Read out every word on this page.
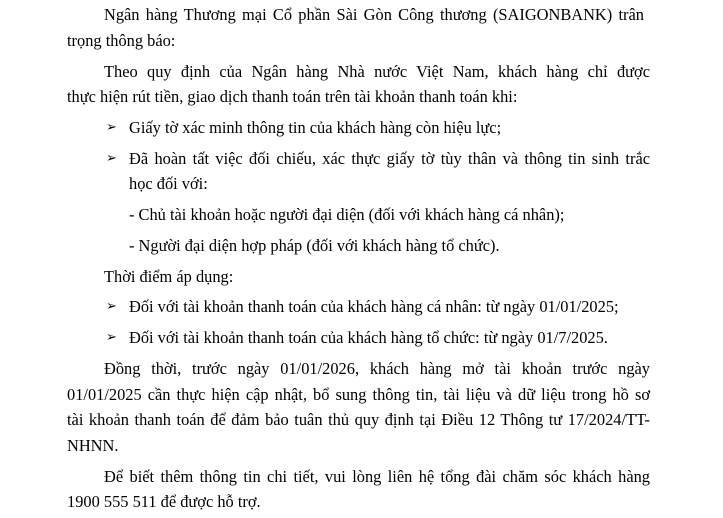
Ngân hàng Thương mại Cổ phần Sài Gòn Công thương (SAIGONBANK) trân
trọng thông báo:
Theo quy định của Ngân hàng Nhà nước Việt Nam, khách hàng chỉ được
thực hiện rút tiền, giao dịch thanh toán trên tài khoản thanh toán khi:
➢ Giấy tờ xác minh thông tin của khách hàng còn hiệu lực;
➢ Đã hoàn tất việc đối chiếu, xác thực giấy tờ tùy thân và thông tin sinh trắc
học đối với:
- Chủ tài khoản hoặc người đại diện (đối với khách hàng cá nhân);
- Người đại diện hợp pháp (đối với khách hàng tổ chức).
Thời điểm áp dụng:
➢ Đối với tài khoản thanh toán của khách hàng cá nhân: từ ngày 01/01/2025;
➢ Đối với tài khoản thanh toán của khách hàng tổ chức: từ ngày 01/7/2025.
Đồng thời, trước ngày 01/01/2026, khách hàng mở tài khoản trước ngày
01/01/2025 cần thực hiện cập nhật, bổ sung thông tin, tài liệu và dữ liệu trong hồ sơ
tài khoản thanh toán để đảm bảo tuân thủ quy định tại Điều 12 Thông tư 17/2024/TT-
NHNN.
Để biết thêm thông tin chi tiết, vui lòng liên hệ tổng đài chăm sóc khách hàng
1900 555 511 để được hỗ trợ.
